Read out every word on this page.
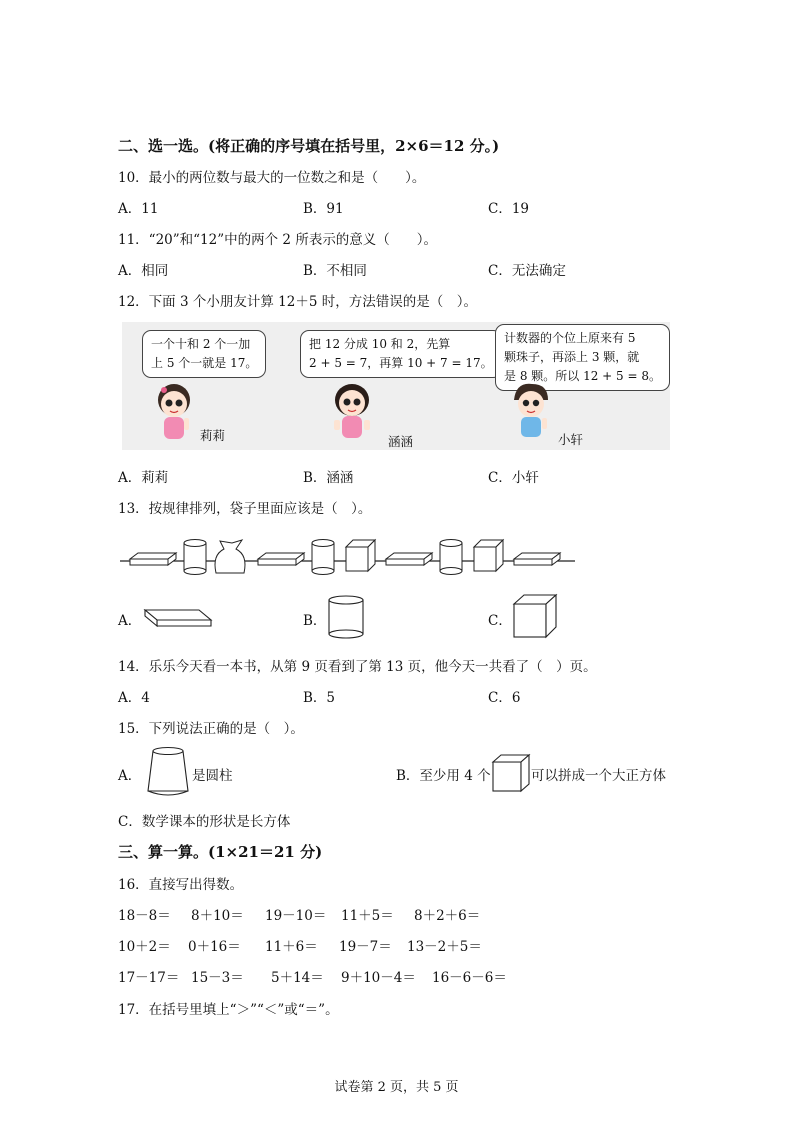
二、选一选。(将正确的序号填在括号里，2×6＝12 分。)
10．最小的两位数与最大的一位数之和是（　　）。
A．11	B．91	C．19
11．“20”和“12”中的两个 2 所表示的意义（　　）。
A．相同	B．不相同	C．无法确定
12．下面 3 个小朋友计算 12＋5 时，方法错误的是（　）。
一个十和 2 个一加
上 5 个一就是 17。
把 12 分成 10 和 2，先算
2 + 5 = 7，再算 10 + 7 = 17。
计数器的个位上原来有 5
颗珠子，再添上 3 颗，就
是 8 颗。所以 12 + 5 = 8。
莉莉	涵涵	小轩
A．莉莉	B．涵涵	C．小轩
13．按规律排列，袋子里面应该是（　）。
A．	B．	C．
14．乐乐今天看一本书，从第 9 页看到了第 13 页，他今天一共看了（　）页。
A．4	B．5	C．6
15．下列说法正确的是（　）。
A．	是圆柱	B．至少用 4 个	可以拼成一个大正方体
C．数学课本的形状是长方体
三、算一算。(1×21＝21 分)
16．直接写出得数。
18－8＝ 8＋10＝ 19－10＝ 11＋5＝ 8＋2＋6＝
10＋2＝ 0＋16＝ 11＋6＝ 19－7＝ 13－2＋5＝
17－17＝ 15－3＝ 5＋14＝ 9＋10－4＝ 16－6－6＝
17．在括号里填上“＞”“＜”或“＝”。
试卷第 2 页，共 5 页
